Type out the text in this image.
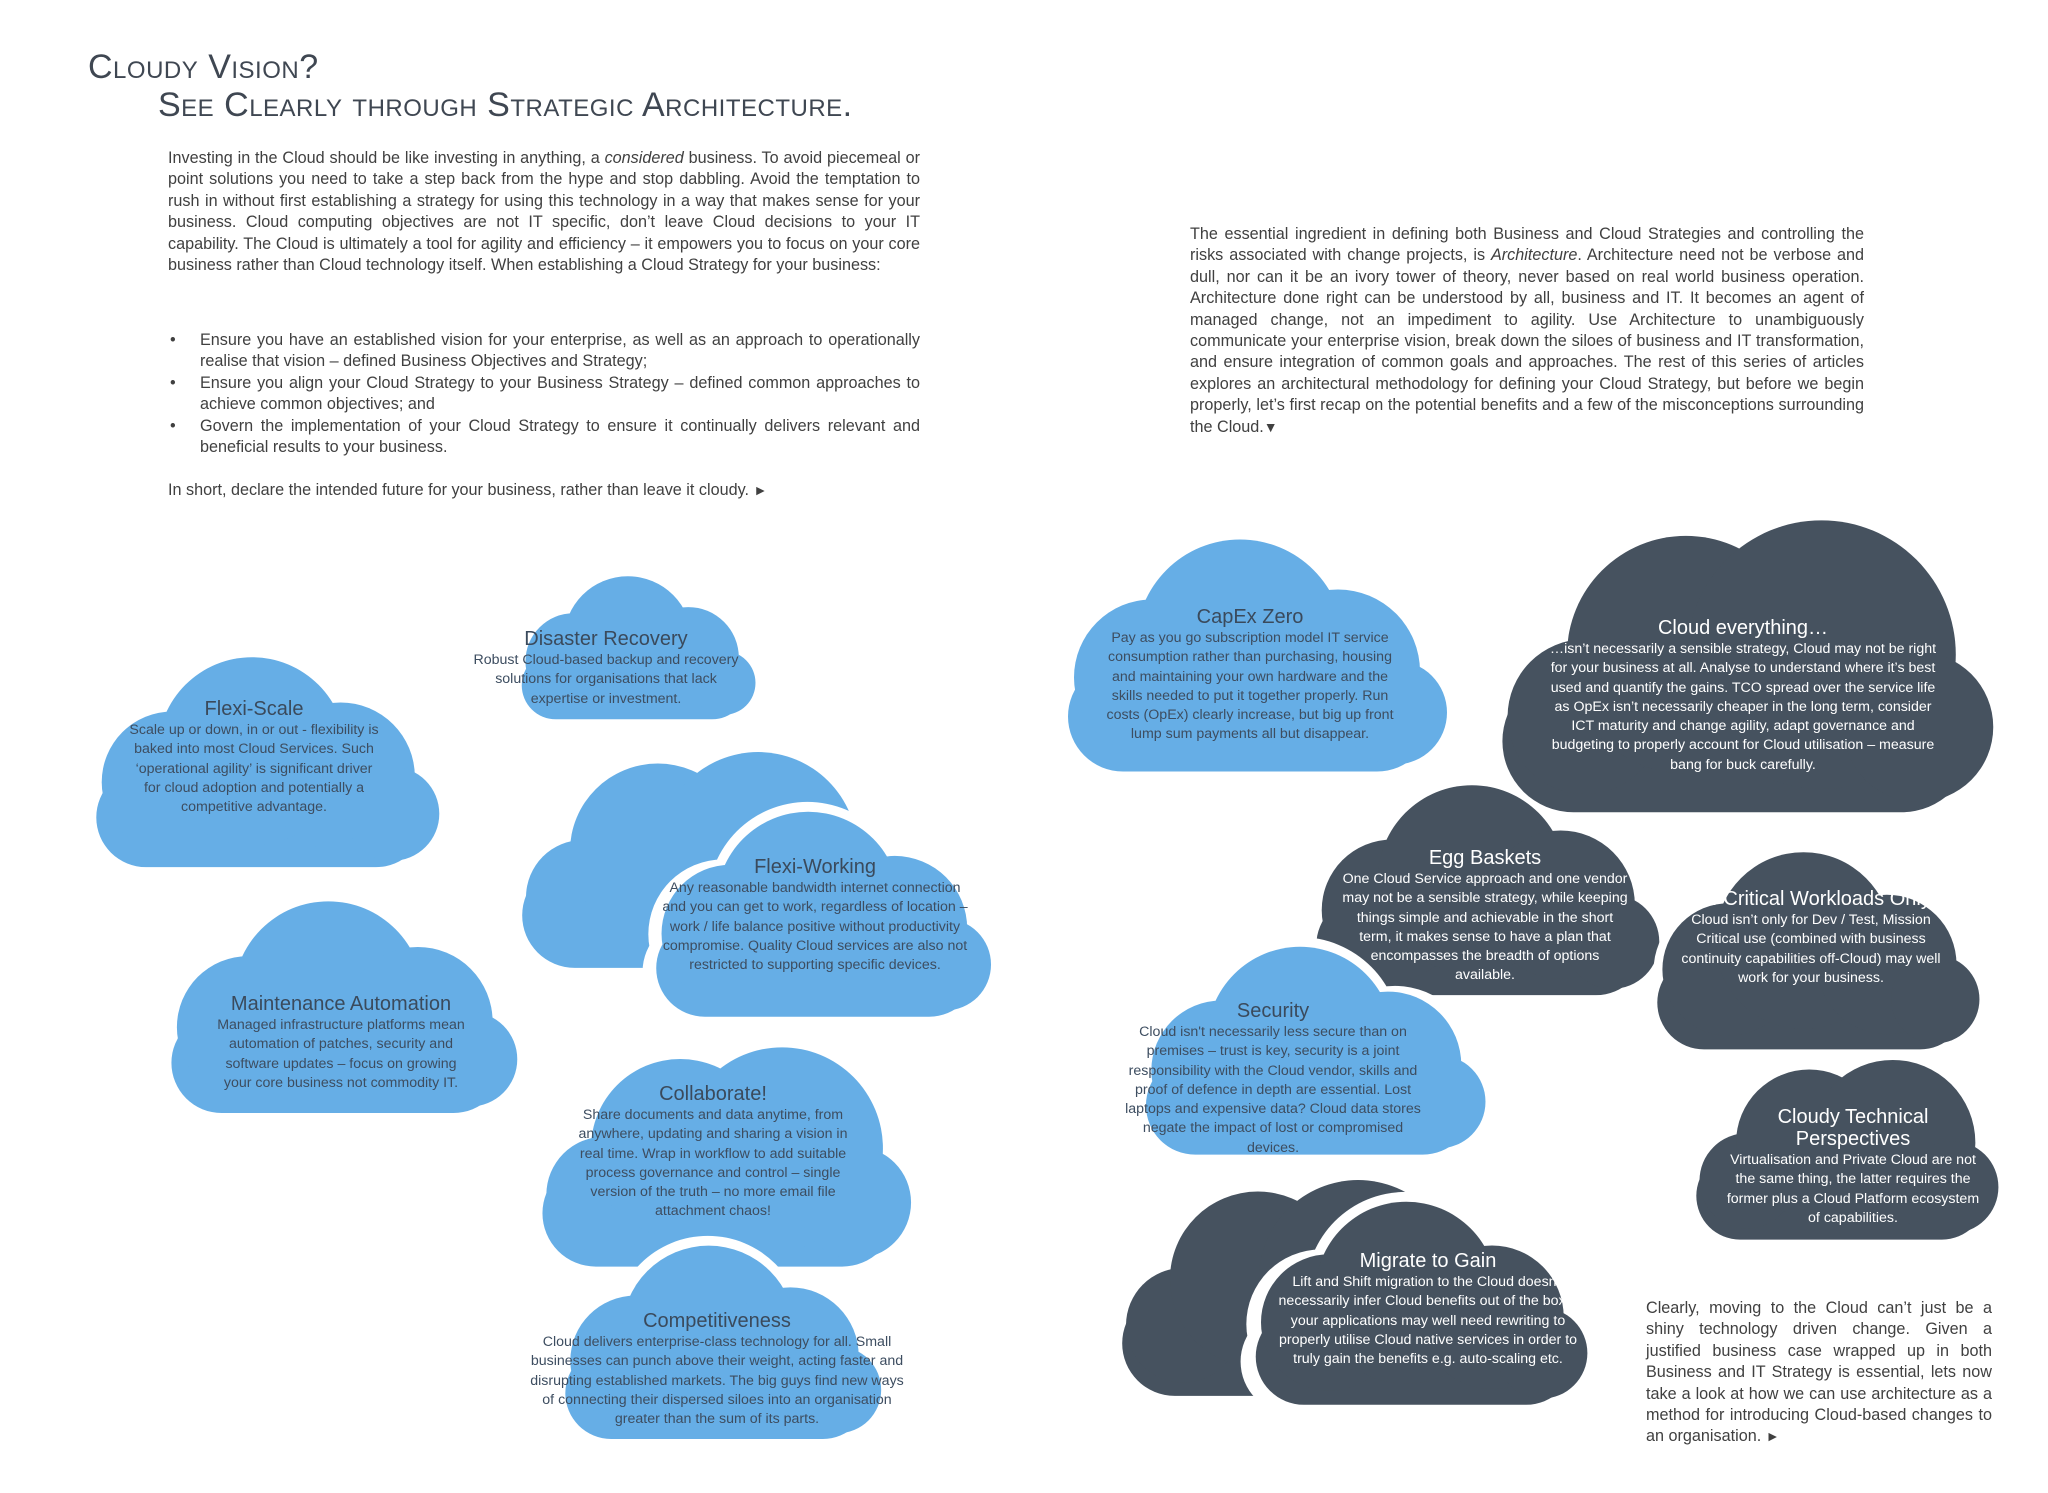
Cloudy Vision?
See Clearly through Strategic Architecture.

Investing in the Cloud should be like investing in anything, a considered business. To avoid piecemeal or point solutions you need to take a step back from the hype and stop dabbling. Avoid the temptation to rush in without first establishing a strategy for using this technology in a way that makes sense for your business. Cloud computing objectives are not IT specific, don’t leave Cloud decisions to your IT capability. The Cloud is ultimately a tool for agility and efficiency – it empowers you to focus on your core business rather than Cloud technology itself. When establishing a Cloud Strategy for your business:

• Ensure you have an established vision for your enterprise, as well as an approach to operationally realise that vision – defined Business Objectives and Strategy;
• Ensure you align your Cloud Strategy to your Business Strategy – defined common approaches to achieve common objectives; and
• Govern the implementation of your Cloud Strategy to ensure it continually delivers relevant and beneficial results to your business.

In short, declare the intended future for your business, rather than leave it cloudy. ►

The essential ingredient in defining both Business and Cloud Strategies and controlling the risks associated with change projects, is Architecture. Architecture need not be verbose and dull, nor can it be an ivory tower of theory, never based on real world business operation. Architecture done right can be understood by all, business and IT. It becomes an agent of managed change, not an impediment to agility. Use Architecture to unambiguously communicate your enterprise vision, break down the siloes of business and IT transformation, and ensure integration of common goals and approaches. The rest of this series of articles explores an architectural methodology for defining your Cloud Strategy, but before we begin properly, let’s first recap on the potential benefits and a few of the misconceptions surrounding the Cloud.▼

Clearly, moving to the Cloud can’t just be a shiny technology driven change. Given a justified business case wrapped up in both Business and IT Strategy is essential, lets now take a look at how we can use architecture as a method for introducing Cloud-based changes to an organisation. ►

Disaster Recovery
Robust Cloud-based backup and recovery solutions for organisations that lack expertise or investment.
Flexi-Scale
Scale up or down, in or out - flexibility is baked into most Cloud Services. Such ‘operational agility’ is significant driver for cloud adoption and potentially a competitive advantage.
Flexi-Working
Any reasonable bandwidth internet connection and you can get to work, regardless of location – work / life balance positive without productivity compromise. Quality Cloud services are also not restricted to supporting specific devices.
Maintenance Automation
Managed infrastructure platforms mean automation of patches, security and software updates – focus on growing your core business not commodity IT.
Collaborate!
Share documents and data anytime, from anywhere, updating and sharing a vision in real time. Wrap in workflow to add suitable process governance and control – single version of the truth – no more email file attachment chaos!
Competitiveness
Cloud delivers enterprise-class technology for all. Small businesses can punch above their weight, acting faster and disrupting established markets. The big guys find new ways of connecting their dispersed siloes into an organisation greater than the sum of its parts.
CapEx Zero
Pay as you go subscription model IT service consumption rather than purchasing, housing and maintaining your own hardware and the skills needed to put it together properly. Run costs (OpEx) clearly increase, but big up front lump sum payments all but disappear.
Cloud everything…
…isn’t necessarily a sensible strategy, Cloud may not be right for your business at all. Analyse to understand where it’s best used and quantify the gains. TCO spread over the service life as OpEx isn’t necessarily cheaper in the long term, consider ICT maturity and change agility, adapt governance and budgeting to properly account for Cloud utilisation – measure bang for buck carefully.
Egg Baskets
One Cloud Service approach and one vendor may not be a sensible strategy, while keeping things simple and achievable in the short term, it makes sense to have a plan that encompasses the breadth of options available.
Non-Critical Workloads Only?
Cloud isn’t only for Dev / Test, Mission Critical use (combined with business continuity capabilities off-Cloud) may well work for your business.
Security
Cloud isn't necessarily less secure than on premises – trust is key, security is a joint responsibility with the Cloud vendor, skills and proof of defence in depth are essential. Lost laptops and expensive data? Cloud data stores negate the impact of lost or compromised devices.
Cloudy Technical Perspectives
Virtualisation and Private Cloud are not the same thing, the latter requires the former plus a Cloud Platform ecosystem of capabilities.
Migrate to Gain
Lift and Shift migration to the Cloud doesn’t necessarily infer Cloud benefits out of the box – your applications may well need rewriting to properly utilise Cloud native services in order to truly gain the benefits e.g. auto-scaling etc.
